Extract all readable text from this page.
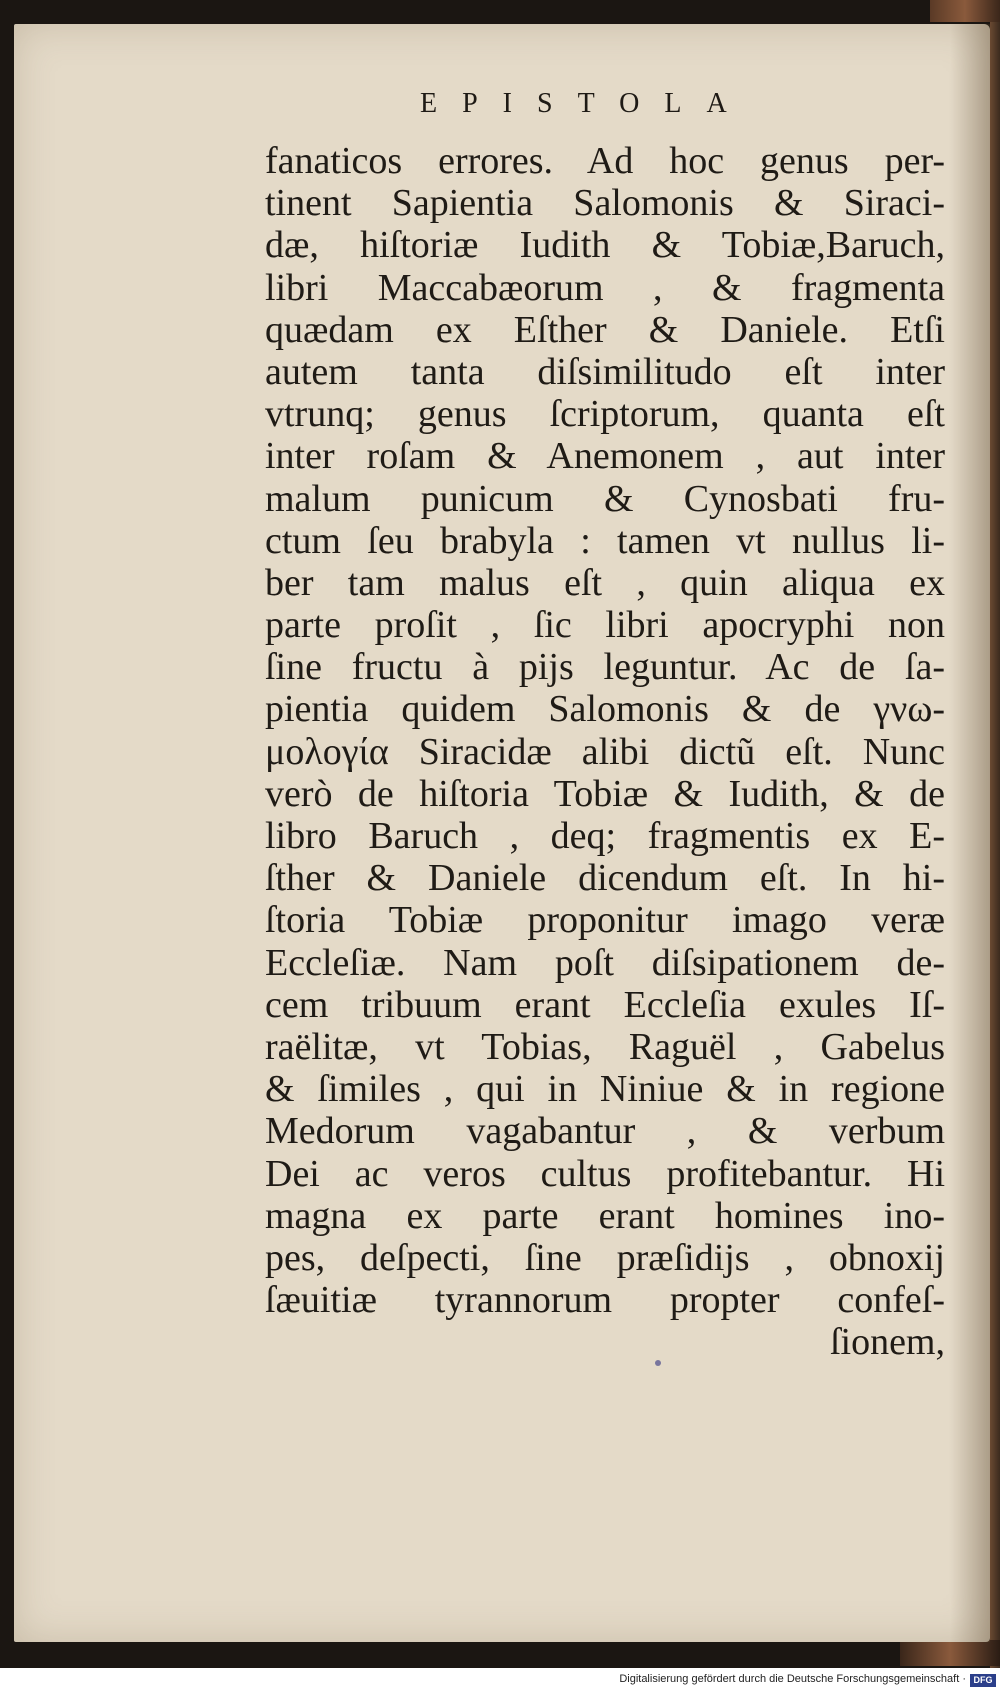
EPISTOLA
fanaticos errores. Ad hoc genus per-
tinent Sapientia Salomonis & Siraci-
dæ, hiſtoriæ Iudith & Tobiæ,Baruch,
libri Maccabæorum , & fragmenta
quædam ex Eſther & Daniele. Etſi
autem tanta diſsimilitudo eſt inter
vtrunq; genus ſcriptorum, quanta eſt
inter roſam & Anemonem , aut inter
malum punicum & Cynosbati fru-
ctum ſeu brabyla : tamen vt nullus li-
ber tam malus eſt , quin aliqua ex
parte proſit , ſic libri apocryphi non
ſine fructu à pijs leguntur. Ac de ſa-
pientia quidem Salomonis & de γνω-
μολογία Siracidæ alibi dictũ eſt. Nunc
verò de hiſtoria Tobiæ & Iudith, & de
libro Baruch , deq; fragmentis ex E-
ſther & Daniele dicendum eſt. In hi-
ſtoria Tobiæ proponitur imago veræ
Eccleſiæ. Nam poſt diſsipationem de-
cem tribuum erant Eccleſia exules Iſ-
raëlitæ, vt Tobias, Raguël , Gabelus
& ſimiles , qui in Niniue & in regione
Medorum vagabantur , & verbum
Dei ac veros cultus profitebantur. Hi
magna ex parte erant homines ino-
pes, deſpecti, ſine præſidijs , obnoxij
ſæuitiæ tyrannorum propter confeſ-
ſionem,
Digitalisierung gefördert durch die Deutsche Forschungsgemeinschaft · DFG
